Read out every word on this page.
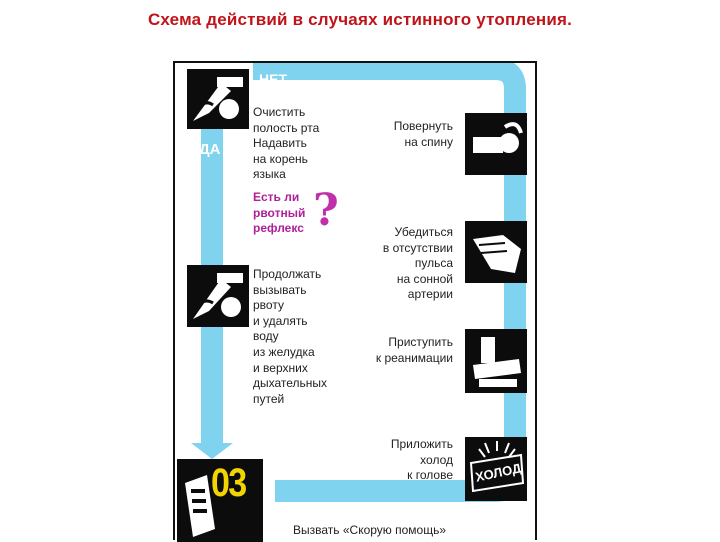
Схема действий в случаях истинного утопления.
НЕТ
ДА
Очистить
полость рта
Надавить
на корень
языка
Есть ли
рвотный
рефлекс ?
Продолжать
вызывать
рвоту
и удалять
воду
из желудка
и верхних
дыхательных
путей
Повернуть
на спину
Убедиться
в отсутствии
пульса
на сонной
артерии
Приступить
к реанимации
Приложить
холод
к голове ХОЛОД
03
Вызвать «Скорую помощь»
